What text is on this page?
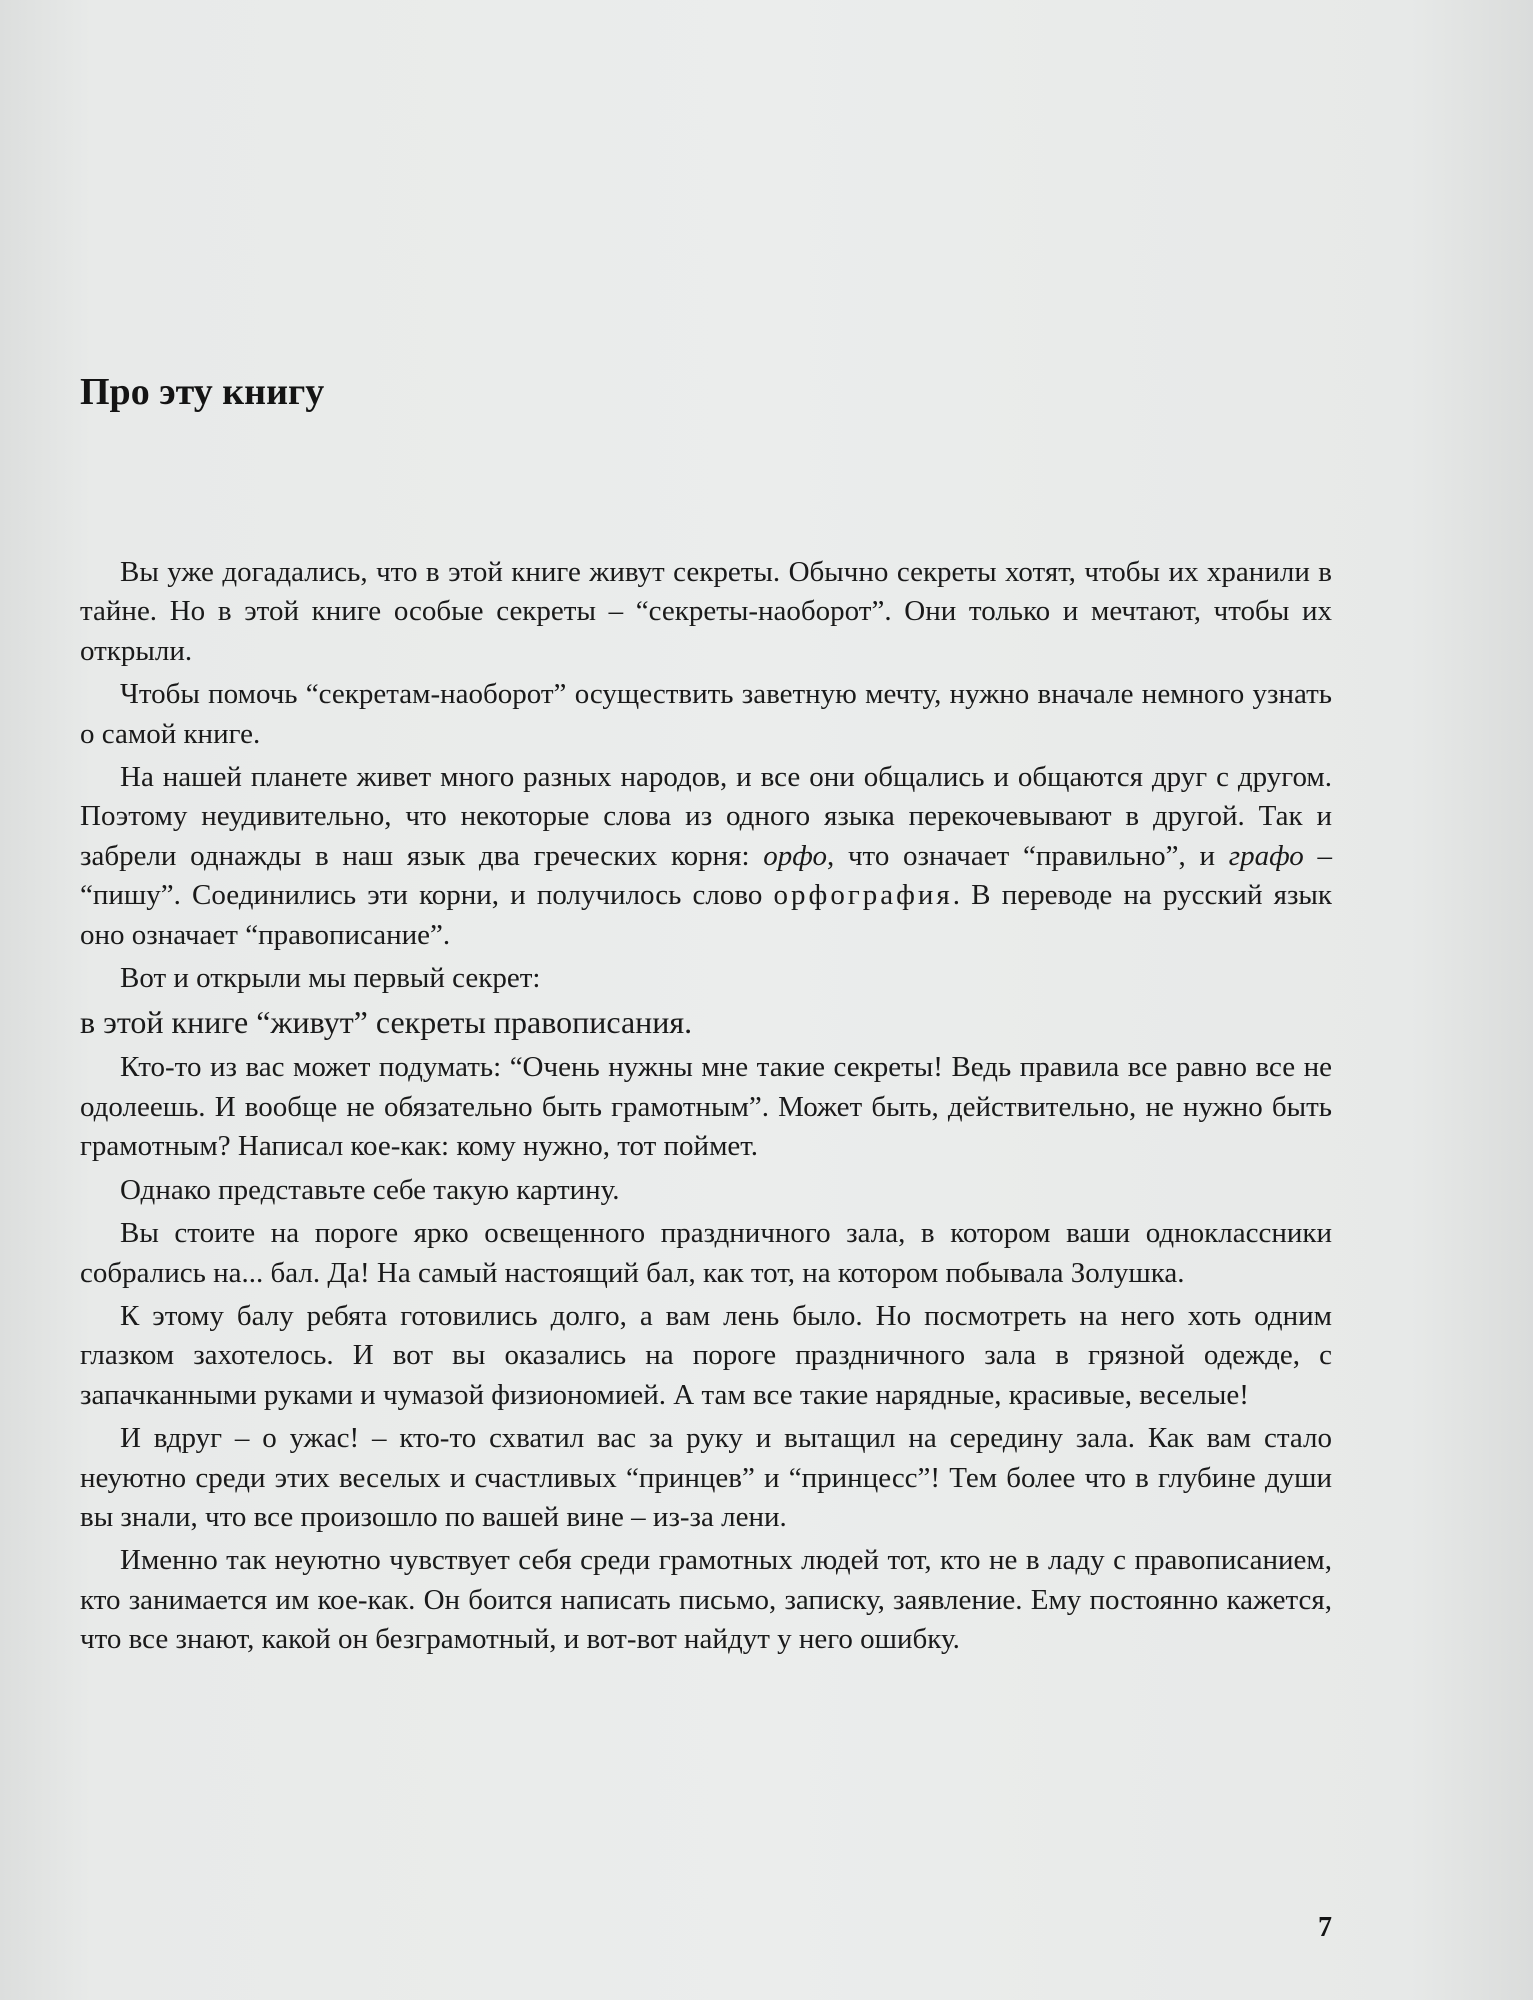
Про эту книгу

Вы уже догадались, что в этой книге живут секреты. Обычно секреты хотят, чтобы их хранили в тайне. Но в этой книге особые секреты – “секреты-наоборот”. Они только и мечтают, чтобы их открыли.

Чтобы помочь “секретам-наоборот” осуществить заветную мечту, нужно вначале немного узнать о самой книге.

На нашей планете живет много разных народов, и все они общались и общаются друг с другом. Поэтому неудивительно, что некоторые слова из одного языка перекочевывают в другой. Так и забрели однажды в наш язык два греческих корня: орфо, что означает “правильно”, и графо – “пишу”. Соединились эти корни, и получилось слово орфография. В переводе на русский язык оно означает “правописание”.

Вот и открыли мы первый секрет:

в этой книге “живут” секреты правописания.

Кто-то из вас может подумать: “Очень нужны мне такие секреты! Ведь правила все равно все не одолеешь. И вообще не обязательно быть грамотным”. Может быть, действительно, не нужно быть грамотным? Написал кое-как: кому нужно, тот поймет.

Однако представьте себе такую картину.

Вы стоите на пороге ярко освещенного праздничного зала, в котором ваши одноклассники собрались на... бал. Да! На самый настоящий бал, как тот, на котором побывала Золушка.

К этому балу ребята готовились долго, а вам лень было. Но посмотреть на него хоть одним глазком захотелось. И вот вы оказались на пороге праздничного зала в грязной одежде, с запачканными руками и чумазой физиономией. А там все такие нарядные, красивые, веселые!

И вдруг – о ужас! – кто-то схватил вас за руку и вытащил на середину зала. Как вам стало неуютно среди этих веселых и счастливых “принцев” и “принцесс”! Тем более что в глубине души вы знали, что все произошло по вашей вине – из-за лени.

Именно так неуютно чувствует себя среди грамотных людей тот, кто не в ладу с правописанием, кто занимается им кое-как. Он боится написать письмо, записку, заявление. Ему постоянно кажется, что все знают, какой он безграмотный, и вот-вот найдут у него ошибку.

7
